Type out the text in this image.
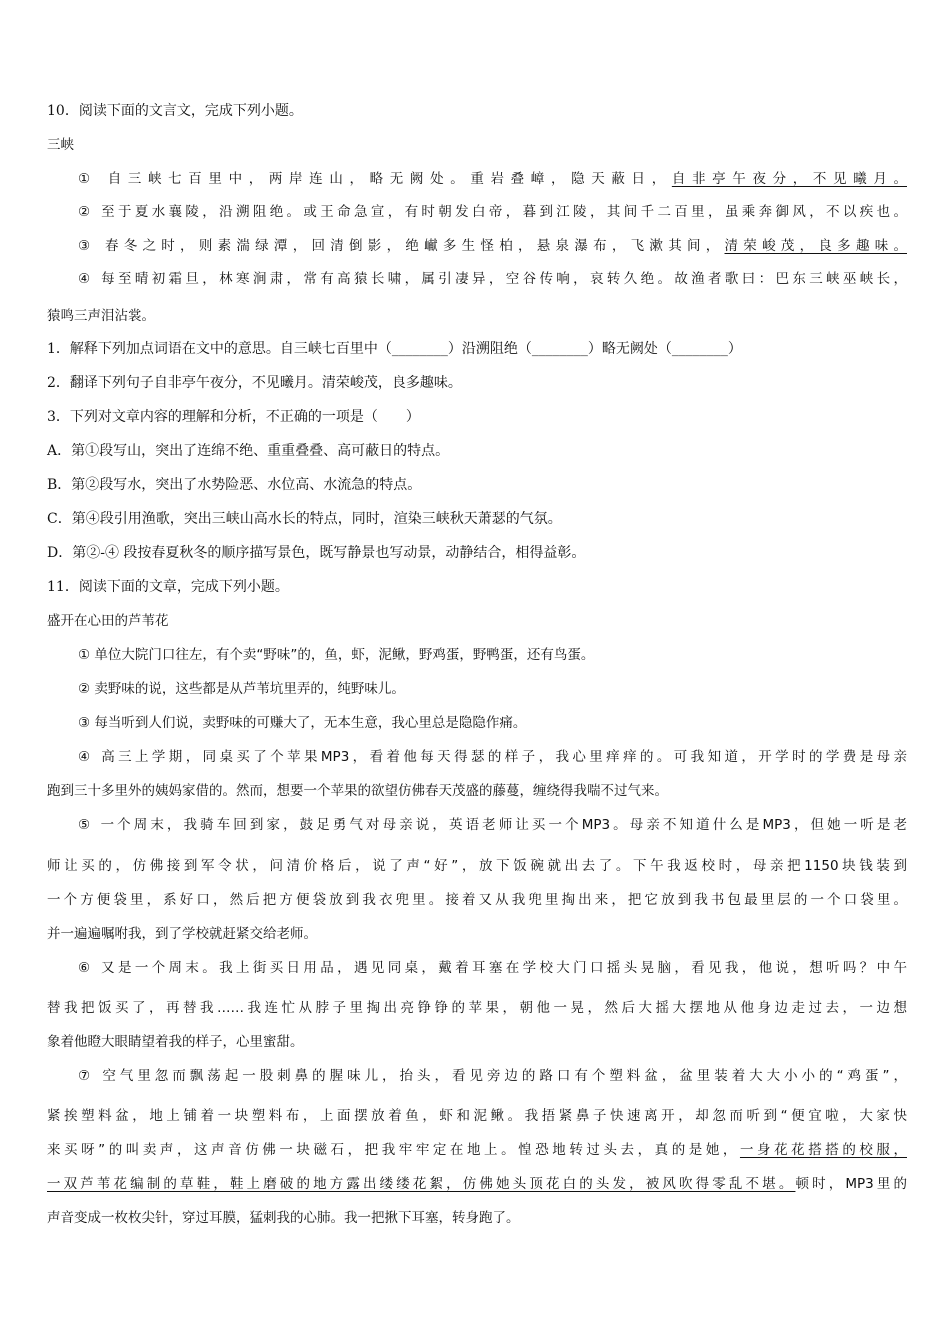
10．阅读下面的文言文，完成下列小题。
三峡
① 自三峡七百里中，两岸连山，略无阙处。重岩叠嶂，隐天蔽日，自非亭午夜分，不见曦月。
② 至于夏水襄陵，沿溯阻绝。或王命急宣，有时朝发白帝，暮到江陵，其间千二百里，虽乘奔御风，不以疾也。
③ 春冬之时，则素湍绿潭，回清倒影，绝𪩘多生怪柏，悬泉瀑布，飞漱其间，清荣峻茂，良多趣味。
④ 每至晴初霜旦，林寒涧肃，常有高猿长啸，属引凄异，空谷传响，哀转久绝。故渔者歌曰：巴东三峡巫峡长，
猿鸣三声泪沾裳。
1．解释下列加点词语在文中的意思。自三峡七百里中（________）沿溯阻绝（________）略无阙处（________）
2．翻译下列句子自非亭午夜分，不见曦月。清荣峻茂，良多趣味。
3．下列对文章内容的理解和分析，不正确的一项是（　　）
A．第①段写山，突出了连绵不绝、重重叠叠、高可蔽日的特点。
B．第②段写水，突出了水势险恶、水位高、水流急的特点。
C．第④段引用渔歌，突出三峡山高水长的特点，同时，渲染三峡秋天萧瑟的气氛。
D．第②-④ 段按春夏秋冬的顺序描写景色，既写静景也写动景，动静结合，相得益彰。
11．阅读下面的文章，完成下列小题。
盛开在心田的芦苇花
① 单位大院门口往左，有个卖“野味”的，鱼，虾，泥鳅，野鸡蛋，野鸭蛋，还有鸟蛋。
② 卖野味的说，这些都是从芦苇坑里弄的，纯野味儿。
③ 每当听到人们说，卖野味的可赚大了，无本生意，我心里总是隐隐作痛。
④ 高三上学期，同桌买了个苹果MP3，看着他每天得瑟的样子，我心里痒痒的。可我知道，开学时的学费是母亲
跑到三十多里外的姨妈家借的。然而，想要一个苹果的欲望仿佛春天茂盛的藤蔓，缠绕得我喘不过气来。
⑤ 一个周末，我骑车回到家，鼓足勇气对母亲说，英语老师让买一个MP3。母亲不知道什么是MP3，但她一听是老
师让买的，仿佛接到军令状，问清价格后，说了声“好”，放下饭碗就出去了。下午我返校时，母亲把1150块钱装到
一个方便袋里，系好口，然后把方便袋放到我衣兜里。接着又从我兜里掏出来，把它放到我书包最里层的一个口袋里。
并一遍遍嘱咐我，到了学校就赶紧交给老师。
⑥ 又是一个周末。我上街买日用品，遇见同桌，戴着耳塞在学校大门口摇头晃脑，看见我，他说，想听吗？中午
替我把饭买了，再替我……我连忙从脖子里掏出亮铮铮的苹果，朝他一晃，然后大摇大摆地从他身边走过去，一边想
象着他瞪大眼睛望着我的样子，心里蜜甜。
⑦ 空气里忽而飘荡起一股刺鼻的腥味儿，抬头，看见旁边的路口有个塑料盆，盆里装着大大小小的“鸡蛋”，
紧挨塑料盆，地上铺着一块塑料布，上面摆放着鱼，虾和泥鳅。我捂紧鼻子快速离开，却忽而听到“便宜啦，大家快
来买呀”的叫卖声，这声音仿佛一块磁石，把我牢牢定在地上。惶恐地转过头去，真的是她，一身花花搭搭的校服，
一双芦苇花编制的草鞋，鞋上磨破的地方露出缕缕花絮，仿佛她头顶花白的头发，被风吹得零乱不堪。顿时，MP3里的
声音变成一枚枚尖针，穿过耳膜，猛刺我的心肺。我一把揪下耳塞，转身跑了。
